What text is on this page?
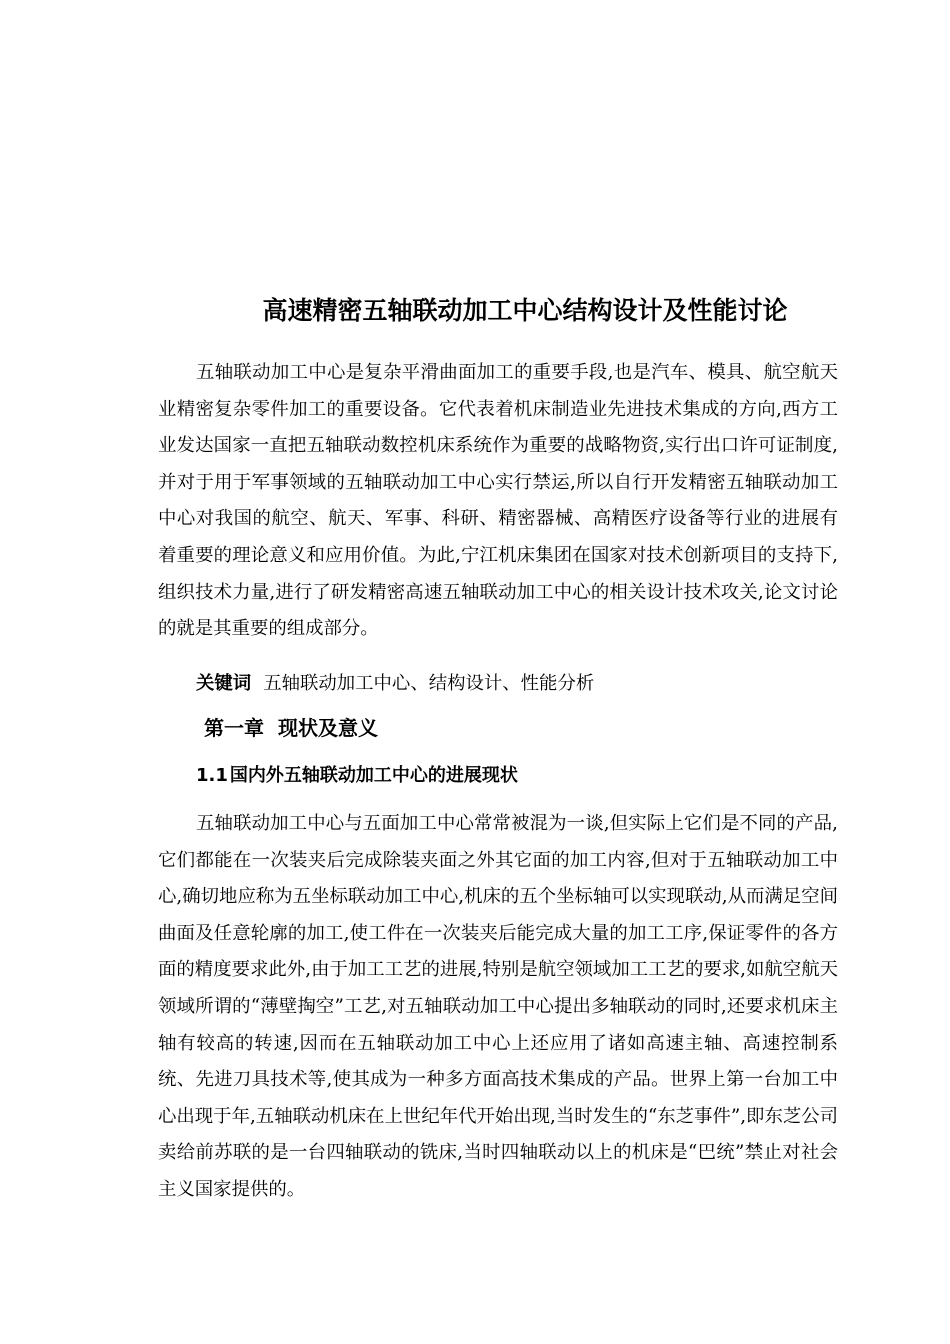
高速精密五轴联动加工中心结构设计及性能讨论

五轴联动加工中心是复杂平滑曲面加工的重要手段,也是汽车、模具、航空航天业精密复杂零件加工的重要设备。它代表着机床制造业先进技术集成的方向,西方工业发达国家一直把五轴联动数控机床系统作为重要的战略物资,实行出口许可证制度,并对于用于军事领域的五轴联动加工中心实行禁运,所以自行开发精密五轴联动加工中心对我国的航空、航天、军事、科研、精密器械、高精医疗设备等行业的进展有着重要的理论意义和应用价值。为此,宁江机床集团在国家对技术创新项目的支持下,组织技术力量,进行了研发精密高速五轴联动加工中心的相关设计技术攻关,论文讨论的就是其重要的组成部分。

关键词 五轴联动加工中心、结构设计、性能分析

第一章 现状及意义
1.1 国内外五轴联动加工中心的进展现状

五轴联动加工中心与五面加工中心常常被混为一谈,但实际上它们是不同的产品,它们都能在一次装夹后完成除装夹面之外其它面的加工内容,但对于五轴联动加工中心,确切地应称为五坐标联动加工中心,机床的五个坐标轴可以实现联动,从而满足空间曲面及任意轮廓的加工,使工件在一次装夹后能完成大量的加工工序,保证零件的各方面的精度要求此外,由于加工工艺的进展,特别是航空领域加工工艺的要求,如航空航天领域所谓的“薄壁掏空”工艺,对五轴联动加工中心提出多轴联动的同时,还要求机床主轴有较高的转速,因而在五轴联动加工中心上还应用了诸如高速主轴、高速控制系统、先进刀具技术等,使其成为一种多方面高技术集成的产品。世界上第一台加工中心出现于年,五轴联动机床在上世纪年代开始出现,当时发生的“东芝事件”,即东芝公司卖给前苏联的是一台四轴联动的铣床,当时四轴联动以上的机床是“巴统”禁止对社会主义国家提供的。
